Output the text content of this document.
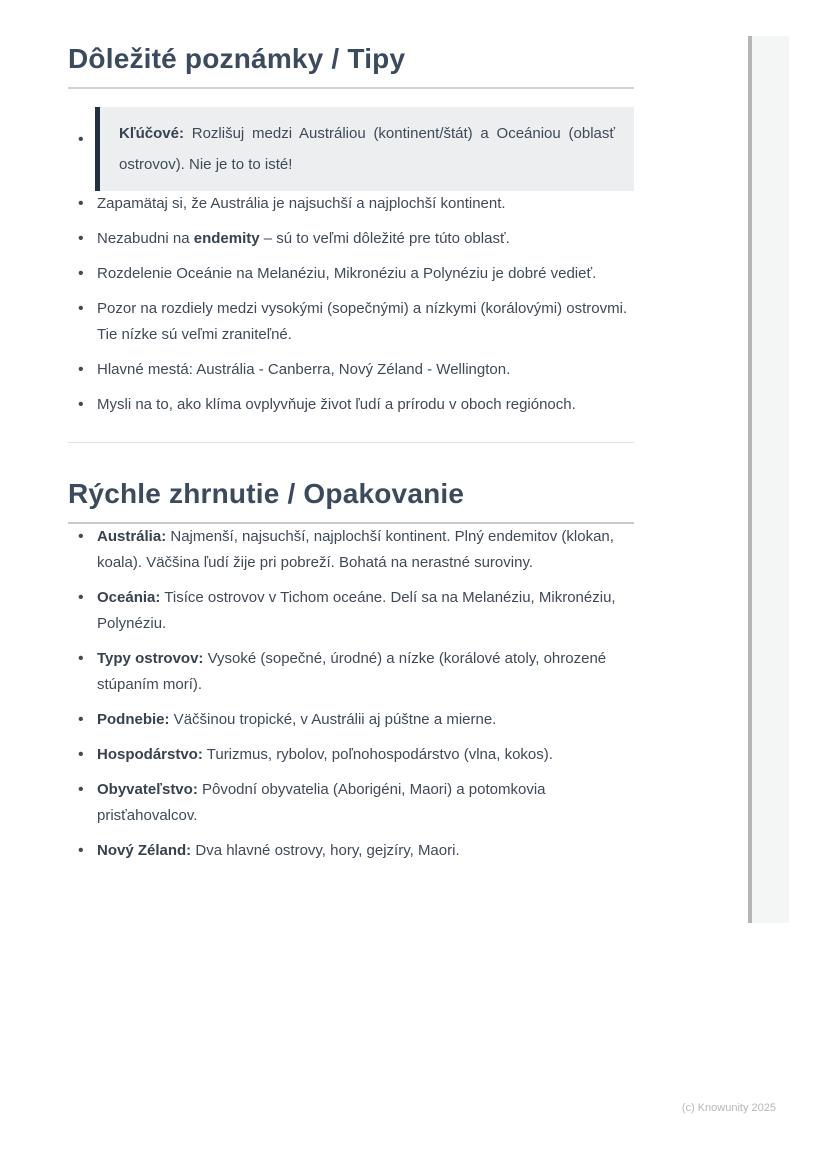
Dôležité poznámky / Tipy
• Kľúčové: Rozlišuj medzi Austráliou (kontinent/štát) a Oceániou (oblasť ostrovov). Nie je to to isté!
• Zapamätaj si, že Austrália je najsuchší a najplochší kontinent.
• Nezabudni na endemity – sú to veľmi dôležité pre túto oblasť.
• Rozdelenie Oceánie na Melanéziu, Mikronéziu a Polynéziu je dobré vedieť.
• Pozor na rozdiely medzi vysokými (sopečnými) a nízkymi (korálovými) ostrovmi. Tie nízke sú veľmi zraniteľné.
• Hlavné mestá: Austrália - Canberra, Nový Zéland - Wellington.
• Mysli na to, ako klíma ovplyvňuje život ľudí a prírodu v oboch regiónoch.
Rýchle zhrnutie / Opakovanie
• Austrália: Najmenší, najsuchší, najplochší kontinent. Plný endemitov (klokan, koala). Väčšina ľudí žije pri pobreží. Bohatá na nerastné suroviny.
• Oceánia: Tisíce ostrovov v Tichom oceáne. Delí sa na Melanéziu, Mikronéziu, Polynéziu.
• Typy ostrovov: Vysoké (sopečné, úrodné) a nízke (korálové atoly, ohrozené stúpaním morí).
• Podnebie: Väčšinou tropické, v Austrálii aj púštne a mierne.
• Hospodárstvo: Turizmus, rybolov, poľnohospodárstvo (vlna, kokos).
• Obyvateľstvo: Pôvodní obyvatelia (Aborigéni, Maori) a potomkovia prisťahovalcov.
• Nový Zéland: Dva hlavné ostrovy, hory, gejzíry, Maori.
(c) Knowunity 2025
